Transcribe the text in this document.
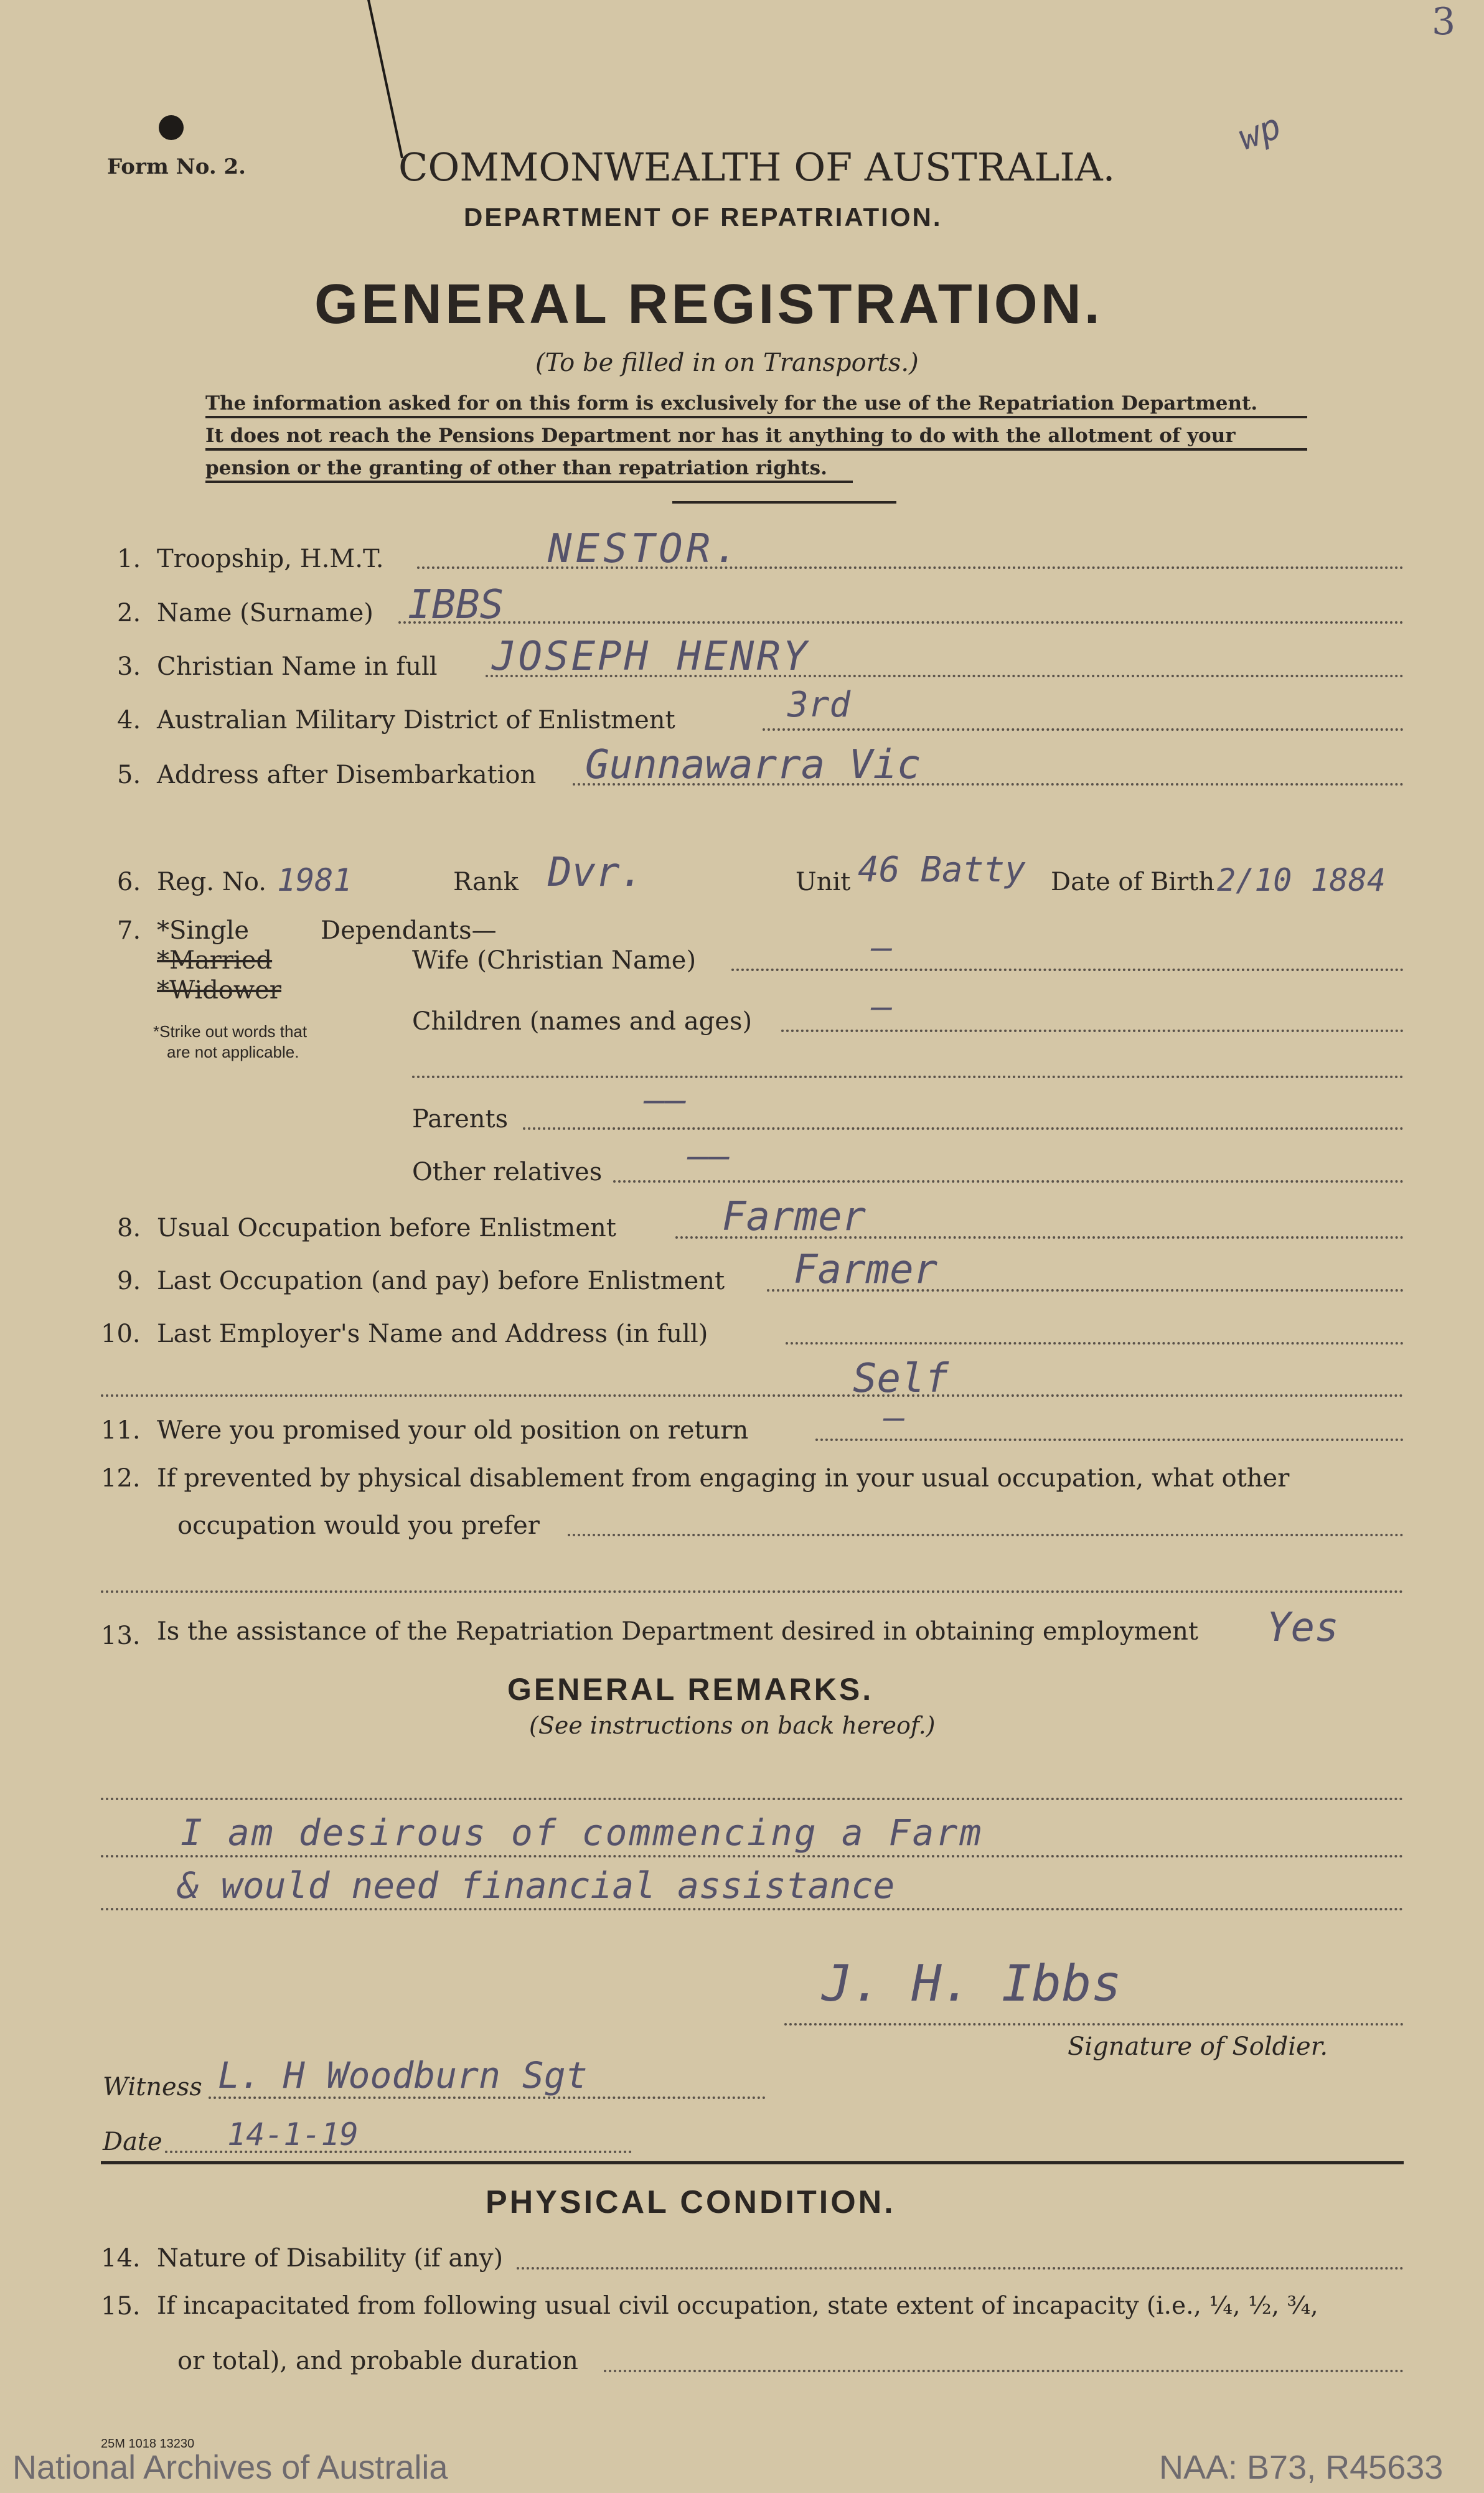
3
wp
Form No. 2.	COMMONWEALTH OF AUSTRALIA.
DEPARTMENT OF REPATRIATION.
GENERAL REGISTRATION.
(To be filled in on Transports.)
The information asked for on this form is exclusively for the use of the Repatriation Department.
It does not reach the Pensions Department nor has it anything to do with the allotment of your
pension or the granting of other than repatriation rights.
1. Troopship, H.M.T.	NESTOR.
2. Name (Surname) IBBS
3. Christian Name in full JOSEPH HENRY
4. Australian Military District of Enlistment	3rd
5. Address after Disembarkation Gunnawarra Vic
6. Reg. No. 1981	Rank Dvr.	Unit 46 Batty Date of Birth 2/10 1884
7. *Single
*Married
*Widower
*Strike out words that
are not applicable.
Dependants—
Wife (Christian Name)	—
Children (names and ages)	—
Parents	——
Other relatives ——
8. Usual Occupation before Enlistment	Farmer
9. Last Occupation (and pay) before Enlistment Farmer
10. Last Employer's Name and Address (in full)
Self
11. Were you promised your old position on return	—
12. If prevented by physical disablement from engaging in your usual occupation, what other
occupation would you prefer
13. Is the assistance of the Repatriation Department desired in obtaining employment Yes
GENERAL REMARKS.
(See instructions on back hereof.)
I am desirous of commencing a Farm
& would need financial assistance
J. H. Ibbs
Signature of Soldier.
Witness L. H Woodburn Sgt
Date 14-1-19
PHYSICAL CONDITION.
14. Nature of Disability (if any)
15. If incapacitated from following usual civil occupation, state extent of incapacity (i.e., ¼, ½, ¾,
or total), and probable duration
25M 1018 13230
National Archives of Australia	NAA: B73, R45633
